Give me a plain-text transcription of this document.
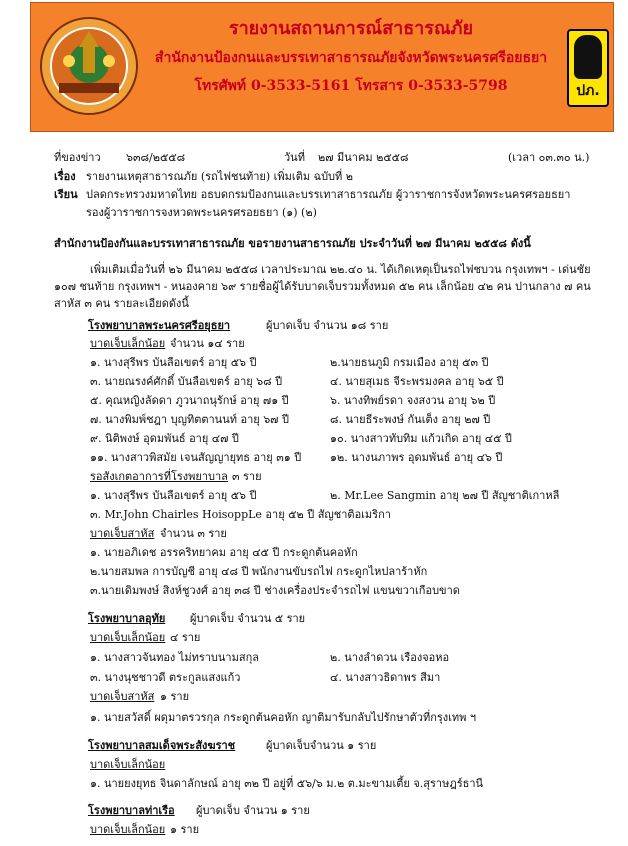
รายงานสถานการณ์สาธารณภัย
สำนักงานป้องกนและบรรเทาสาธารณภัยจังหวัดพระนครศรีอยธยา
โทรศัพท์ 0-3533-5161 โทรสาร 0-3533-5798	ปภ.
ที่ของข่าว ๖๓๘/๒๕๕๘	วันที่ ๒๗ มีนาคม ๒๕๕๘	(เวลา ๐๓.๓๐ น.)
เรื่อง รายงานเหตุสาธารณภัย (รถไฟชนท้าย) เพิ่มเติม ฉบับที่ ๒
เรียน ปลดกระทรวงมหาดไทย อธบดกรมป้องกนและบรรเทาสาธารณภัย ผู้วาราชการจังหวัดพระนครศรอยธยา
รองผู้วาราชการจงหวดพระนครศรอยธยา (๑) (๒)
สำนักงานป้องกันและบรรเทาสาธารณภัย ขอรายงานสาธารณภัย ประจำวันที่ ๒๗ มีนาคม ๒๕๕๘ ดังนี้
เพิ่มเติมเมื่อวันที่ ๒๖ มีนาคม ๒๕๕๘ เวลาประมาณ ๒๒.๔๐ น. ได้เกิดเหตุเป็นรถไฟชบวน กรุงเทพฯ - เด่นชัย
๑๐๗ ชนท้าย กรุงเทพฯ - หนองคาย ๖๙ รายชื่อผู้ได้รับบาดเจ็บรวมทั้งหมด ๕๒ คน เล็กน้อย ๔๒ คน ปานกลาง ๗ คน
สาหัส ๓ คน รายละเอียดดังนี้
โรงพยาบาลพระนครศรีอยุธยา	ผู้บาดเจ็บ จำนวน ๑๘ ราย
บาดเจ็บเล็กน้อย จำนวน ๑๔ ราย
๑. นางสุรีพร บันลือเขตร์ อายุ ๕๖ ปี	๒.นายธนภูมิ กรมเมือง อายุ ๕๓ ปี
๓. นายณรงค์ศักดิ์ บันลือเขตร์ อายุ ๖๘ ปี	๔. นายสุเมธ จีระพรมงคล อายุ ๖๕ ปี
๕. คุณหญิงลัดดา ภูวนาถนุรักษ์ อายุ ๗๑ ปี	๖. นางทิพย์รดา จงสงวน อายุ ๖๒ ปี
๗. นางพิมพ์ชฎา บุญทิตตานนท์ อายุ ๖๗ ปี	๘. นายธีระพงษ์ กันเต็ง อายุ ๒๗ ปี
๙. นิติพงษ์ อุดมพันธ์ อายุ ๔๗ ปี	๑๐. นางสาวทับทิม แก้วเกิด อายุ ๔๕ ปี
๑๑. นางสาวพิสมัย เจนสัญญายุทธ อายุ ๓๑ ปี	๑๒. นางนภาพร อุดมพันธ์ อายุ ๔๖ ปี
รอสังเกตอาการที่โรงพยาบาล ๓ ราย
๑. นางสุรีพร บันลือเขตร์ อายุ ๕๖ ปี	๒. Mr.Lee Sangmin อายุ ๒๗ ปี สัญชาติเกาหลี
๓. Mr.John Chairles HoisoppLe อายุ ๕๒ ปี สัญชาติอเมริกา
บาดเจ็บสาหัส จำนวน ๓ ราย
๑. นายอภิเดช อรรคริทยาคม อายุ ๔๕ ปี กระดูกต้นคอหัก
๒.นายสมพล การบัญชี อายุ ๔๘ ปี พนักงานขับรถไฟ กระดูกไหปลาร้าหัก
๓.นายเดิมพงษ์ สิงห์ชูวงศ์ อายุ ๓๘ ปี ช่างเครื่องประจำรถไฟ แขนขวาเกือบขาด
โรงพยาบาลอุทัย ผู้บาดเจ็บ จำนวน ๕ ราย
บาดเจ็บเล็กน้อย ๔ ราย
๑. นางสาวจันทอง ไม่ทราบนามสกุล	๒. นางลำดวน เรืองจอหอ
๓. นางนุชชาวดี ตระกูลแสงแก้ว	๔. นางสาวธิดาพร สีมา
บาดเจ็บสาหัส ๑ ราย
๑. นายสวัสดิ์ ผดุมาตรวรกุล กระดูกต้นคอหัก ญาติมารับกลับไปรักษาตัวที่กรุงเทพ ฯ
โรงพยาบาลสมเด็จพระสังฆราช	ผู้บาดเจ็บจำนวน ๑ ราย
บาดเจ็บเล็กน้อย
๑. นายยงยุทธ จินดาลักษณ์ อายุ ๓๒ ปี อยู่ที่ ๕๖/๖ ม.๒ ต.มะขามเตี้ย จ.สุราษฎร์ธานี
โรงพยาบาลท่าเรือ ผู้บาดเจ็บ จำนวน ๑ ราย
บาดเจ็บเล็กน้อย ๑ ราย
